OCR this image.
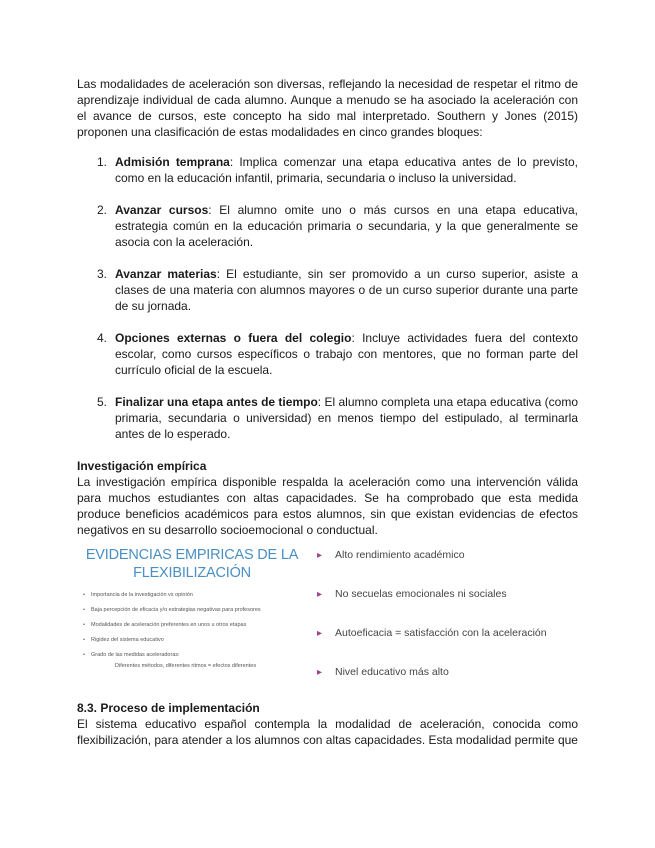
Las modalidades de aceleración son diversas, reflejando la necesidad de respetar el ritmo de aprendizaje individual de cada alumno. Aunque a menudo se ha asociado la aceleración con el avance de cursos, este concepto ha sido mal interpretado. Southern y Jones (2015) proponen una clasificación de estas modalidades en cinco grandes bloques:

1. Admisión temprana: Implica comenzar una etapa educativa antes de lo previsto, como en la educación infantil, primaria, secundaria o incluso la universidad.
2. Avanzar cursos: El alumno omite uno o más cursos en una etapa educativa, estrategia común en la educación primaria o secundaria, y la que generalmente se asocia con la aceleración.
3. Avanzar materias: El estudiante, sin ser promovido a un curso superior, asiste a clases de una materia con alumnos mayores o de un curso superior durante una parte de su jornada.
4. Opciones externas o fuera del colegio: Incluye actividades fuera del contexto escolar, como cursos específicos o trabajo con mentores, que no forman parte del currículo oficial de la escuela.
5. Finalizar una etapa antes de tiempo: El alumno completa una etapa educativa (como primaria, secundaria o universidad) en menos tiempo del estipulado, al terminarla antes de lo esperado.
Investigación empírica

La investigación empírica disponible respalda la aceleración como una intervención válida para muchos estudiantes con altas capacidades. Se ha comprobado que esta medida produce beneficios académicos para estos alumnos, sin que existan evidencias de efectos negativos en su desarrollo socioemocional o conductual.

EVIDENCIAS EMPIRICAS DE LA FLEXIBILIZACIÓN
• Importancia de la investigación vs opinión
• Baja percepción de eficacia y/o estrategias negativas para profesores
• Modalidades de aceleración preferentes en unos u otros etapas
• Rigidez del sistema educativo
• Grado de las medidas aceleradoras:
Diferentes métodos, diferentes ritmos = efectos diferentes
▸ Alto rendimiento académico
▸ No secuelas emocionales ni sociales
▸ Autoeficacia = satisfacción con la aceleración
▸ Nivel educativo más alto
8.3. Proceso de implementación

El sistema educativo español contempla la modalidad de aceleración, conocida como flexibilización, para atender a los alumnos con altas capacidades. Esta modalidad permite que
